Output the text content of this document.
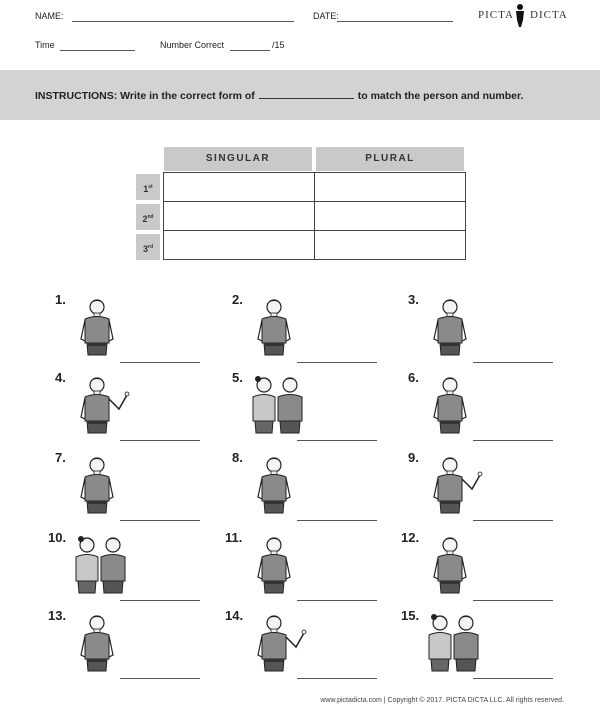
NAME:	DATE:	PICTA DICTA
Time	Number Correct	/15
INSTRUCTIONS: Write in the correct form of	to match the person and number.
SINGULAR	PLURAL
1st
2nd
3rd
1.	2.	3.
4.	5.	6.
7.	8.	9.
10.	11.	12.
13.	14.	15.
www.pictadicta.com | Copyright © 2017. PICTA DICTA LLC. All rights reserved.
